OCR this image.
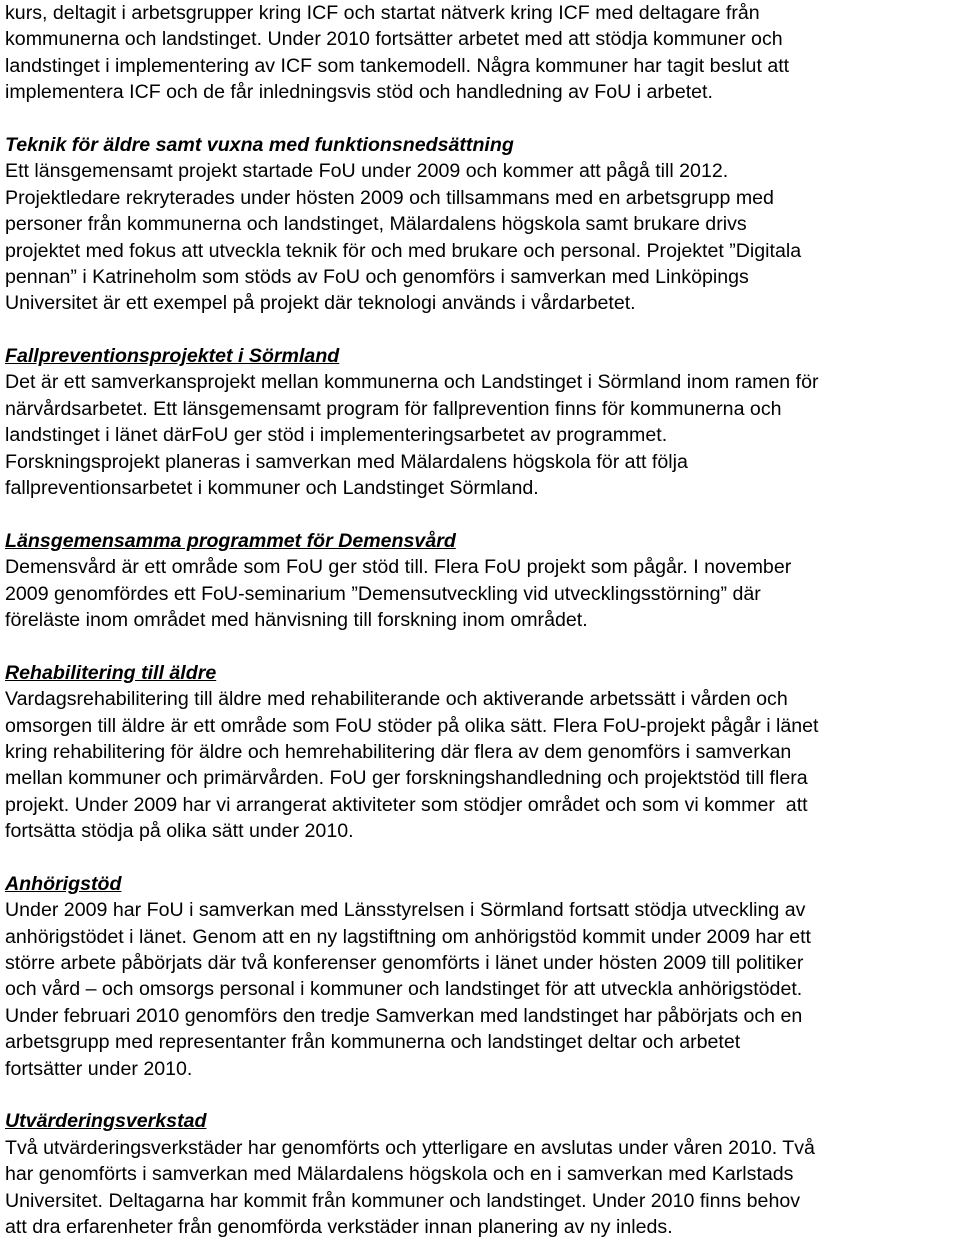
kurs, deltagit i arbetsgrupper kring ICF och startat nätverk kring ICF med deltagare från
kommunerna och landstinget. Under 2010 fortsätter arbetet med att stödja kommuner och
landstinget i implementering av ICF som tankemodell. Några kommuner har tagit beslut att
implementera ICF och de får inledningsvis stöd och handledning av FoU i arbetet.
Teknik för äldre samt vuxna med funktionsnedsättning
Ett länsgemensamt projekt startade FoU under 2009 och kommer att pågå till 2012.
Projektledare rekryterades under hösten 2009 och tillsammans med en arbetsgrupp med
personer från kommunerna och landstinget, Mälardalens högskola samt brukare drivs
projektet med fokus att utveckla teknik för och med brukare och personal. Projektet ”Digitala
pennan” i Katrineholm som stöds av FoU och genomförs i samverkan med Linköpings
Universitet är ett exempel på projekt där teknologi används i vårdarbetet.
Fallpreventionsprojektet i Sörmland
Det är ett samverkansprojekt mellan kommunerna och Landstinget i Sörmland inom ramen för
närvårdsarbetet. Ett länsgemensamt program för fallprevention finns för kommunerna och
landstinget i länet därFoU ger stöd i implementeringsarbetet av programmet.
Forskningsprojekt planeras i samverkan med Mälardalens högskola för att följa
fallpreventionsarbetet i kommuner och Landstinget Sörmland.
Länsgemensamma programmet för Demensvård
Demensvård är ett område som FoU ger stöd till. Flera FoU projekt som pågår. I november
2009 genomfördes ett FoU-seminarium ”Demensutveckling vid utvecklingsstörning” där
föreläste inom området med hänvisning till forskning inom området.
Rehabilitering till äldre
Vardagsrehabilitering till äldre med rehabiliterande och aktiverande arbetssätt i vården och
omsorgen till äldre är ett område som FoU stöder på olika sätt. Flera FoU-projekt pågår i länet
kring rehabilitering för äldre och hemrehabilitering där flera av dem genomförs i samverkan
mellan kommuner och primärvården. FoU ger forskningshandledning och projektstöd till flera
projekt. Under 2009 har vi arrangerat aktiviteter som stödjer området och som vi kommer  att
fortsätta stödja på olika sätt under 2010.
Anhörigstöd
Under 2009 har FoU i samverkan med Länsstyrelsen i Sörmland fortsatt stödja utveckling av
anhörigstödet i länet. Genom att en ny lagstiftning om anhörigstöd kommit under 2009 har ett
större arbete påbörjats där två konferenser genomförts i länet under hösten 2009 till politiker
och vård – och omsorgs personal i kommuner och landstinget för att utveckla anhörigstödet.
Under februari 2010 genomförs den tredje Samverkan med landstinget har påbörjats och en
arbetsgrupp med representanter från kommunerna och landstinget deltar och arbetet
fortsätter under 2010.
Utvärderingsverkstad
Två utvärderingsverkstäder har genomförts och ytterligare en avslutas under våren 2010. Två
har genomförts i samverkan med Mälardalens högskola och en i samverkan med Karlstads
Universitet. Deltagarna har kommit från kommuner och landstinget. Under 2010 finns behov
att dra erfarenheter från genomförda verkstäder innan planering av ny inleds.
